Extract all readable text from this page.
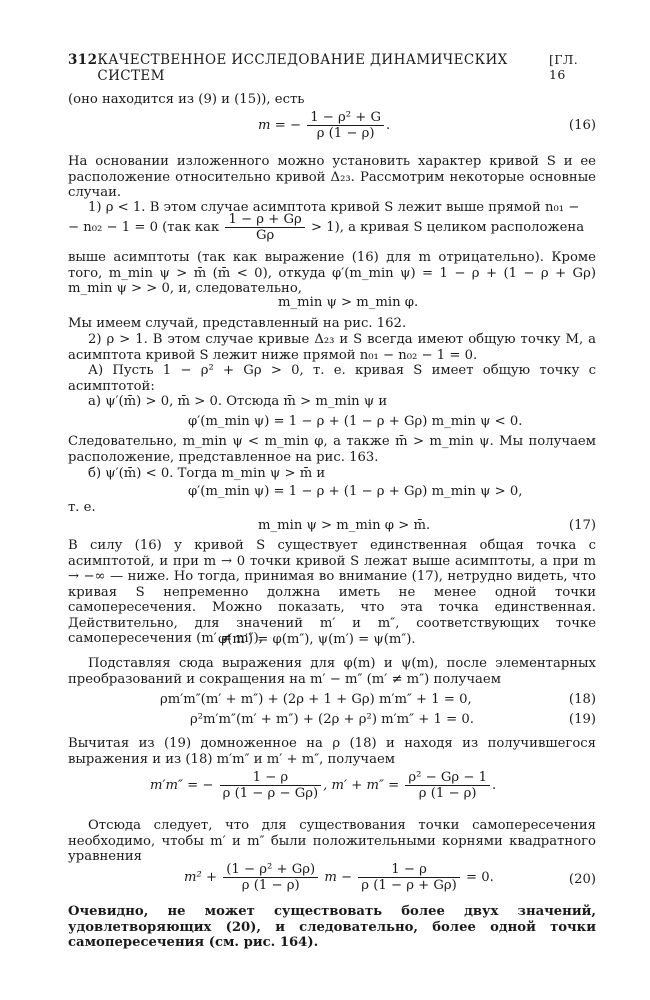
312 КАЧЕСТВЕННОЕ ИССЛЕДОВАНИЕ ДИНАМИЧЕСКИХ СИСТЕМ
[ГЛ. 16
(оно находится из (9) и (15)), есть
m = − $\frac{\text{1 − ρ² + G}}{\rho (1 - \rho)}$ .	(16)
На основании изложенного можно установить характер кривой S и ее расположение относительно кривой Δ₂₃. Рассмотрим некоторые основные случаи.
1) ρ < 1. В этом случае асимптота кривой S лежит выше прямой n₀₁ −
− n₀₂ − 1 = 0 (так как $\frac{1 - \rho + G\rho}{G\rho} > 1$), а кривая S целиком расположена
выше асимптоты (так как выражение (16) для m отрицательно). Кроме того, m_min ψ > m̄ (m̄ < 0), откуда φ′(m_min ψ) = 1 − ρ + (1 − ρ + Gρ) m_min ψ > > 0, и, следовательно,
m_min ψ > m_min φ.
Мы имеем случай, представленный на рис. 162.
2) ρ > 1. В этом случае кривые Δ₂₃ и S всегда имеют общую точку M, а асимптота кривой S лежит ниже прямой n₀₁ − n₀₂ − 1 = 0.
А) Пусть 1 − ρ² + Gρ > 0, т. е. кривая S имеет общую точку с асимптотой:
а) ψ′(m̄) > 0, m̄ > 0. Отсюда m̄ > m_min ψ и
φ′(m_min ψ) = 1 − ρ + (1 − ρ + Gρ) m_min ψ < 0.
Следовательно, m_min ψ < m_min φ, а также m̄ > m_min ψ. Мы получаем расположение, представленное на рис. 163.
б) ψ′(m̄) < 0. Тогда m_min ψ > m̄ и
φ′(m_min ψ) = 1 − ρ + (1 − ρ + Gρ) m_min ψ > 0,
т. е.
m_min ψ > m_min φ > m̄.	(17)
В силу (16) у кривой S существует единственная общая точка с асимптотой, и при m → 0 точки кривой S лежат выше асимптоты, а при m → −∞ — ниже. Но тогда, принимая во внимание (17), нетрудно видеть, что кривая S непременно должна иметь не менее одной точки самопересечения. Можно показать, что эта точка единственная. Действительно, для значений m′ и m″, соответствующих точке самопересечения (m′ ≠ m″),
φ(m′) = φ(m″), ψ(m′) = ψ(m″).
Подставляя сюда выражения для φ(m) и ψ(m), после элементарных преобразований и сокращения на m′ − m″ (m′ ≠ m″) получаем
ρm′m″(m′ + m″) + (2ρ + 1 + Gρ) m′m″ + 1 = 0,	(18)
ρ²m′m″(m′ + m″) + (2ρ + ρ²) m′m″ + 1 = 0.	(19)
Вычитая из (19) домноженное на ρ (18) и находя из получившегося выражения и из (18) m′m″ и m′ + m″, получаем
m′m″ = − $\frac{1 - \rho}{\rho (1 - \rho - G\rho)}$ , $m' + m'' = \frac{\text{ρ² − Gρ − 1}}{\rho (1 - \rho)}$ .
Отсюда следует, что для существования точки самопересечения необходимо, чтобы m′ и m″ были положительными корнями квадратного уравнения
$m^2 + \frac{\text{(1 − ρ² + Gρ)}}{\rho (1 - \rho)}$ $m - \frac{1 - \rho}{\rho (1 - \rho + G\rho)} = 0$.	(20)
Очевидно, не может существовать более двух значений, удовлетворяющих (20), и следовательно, более одной точки самопересечения (см. рис. 164).
